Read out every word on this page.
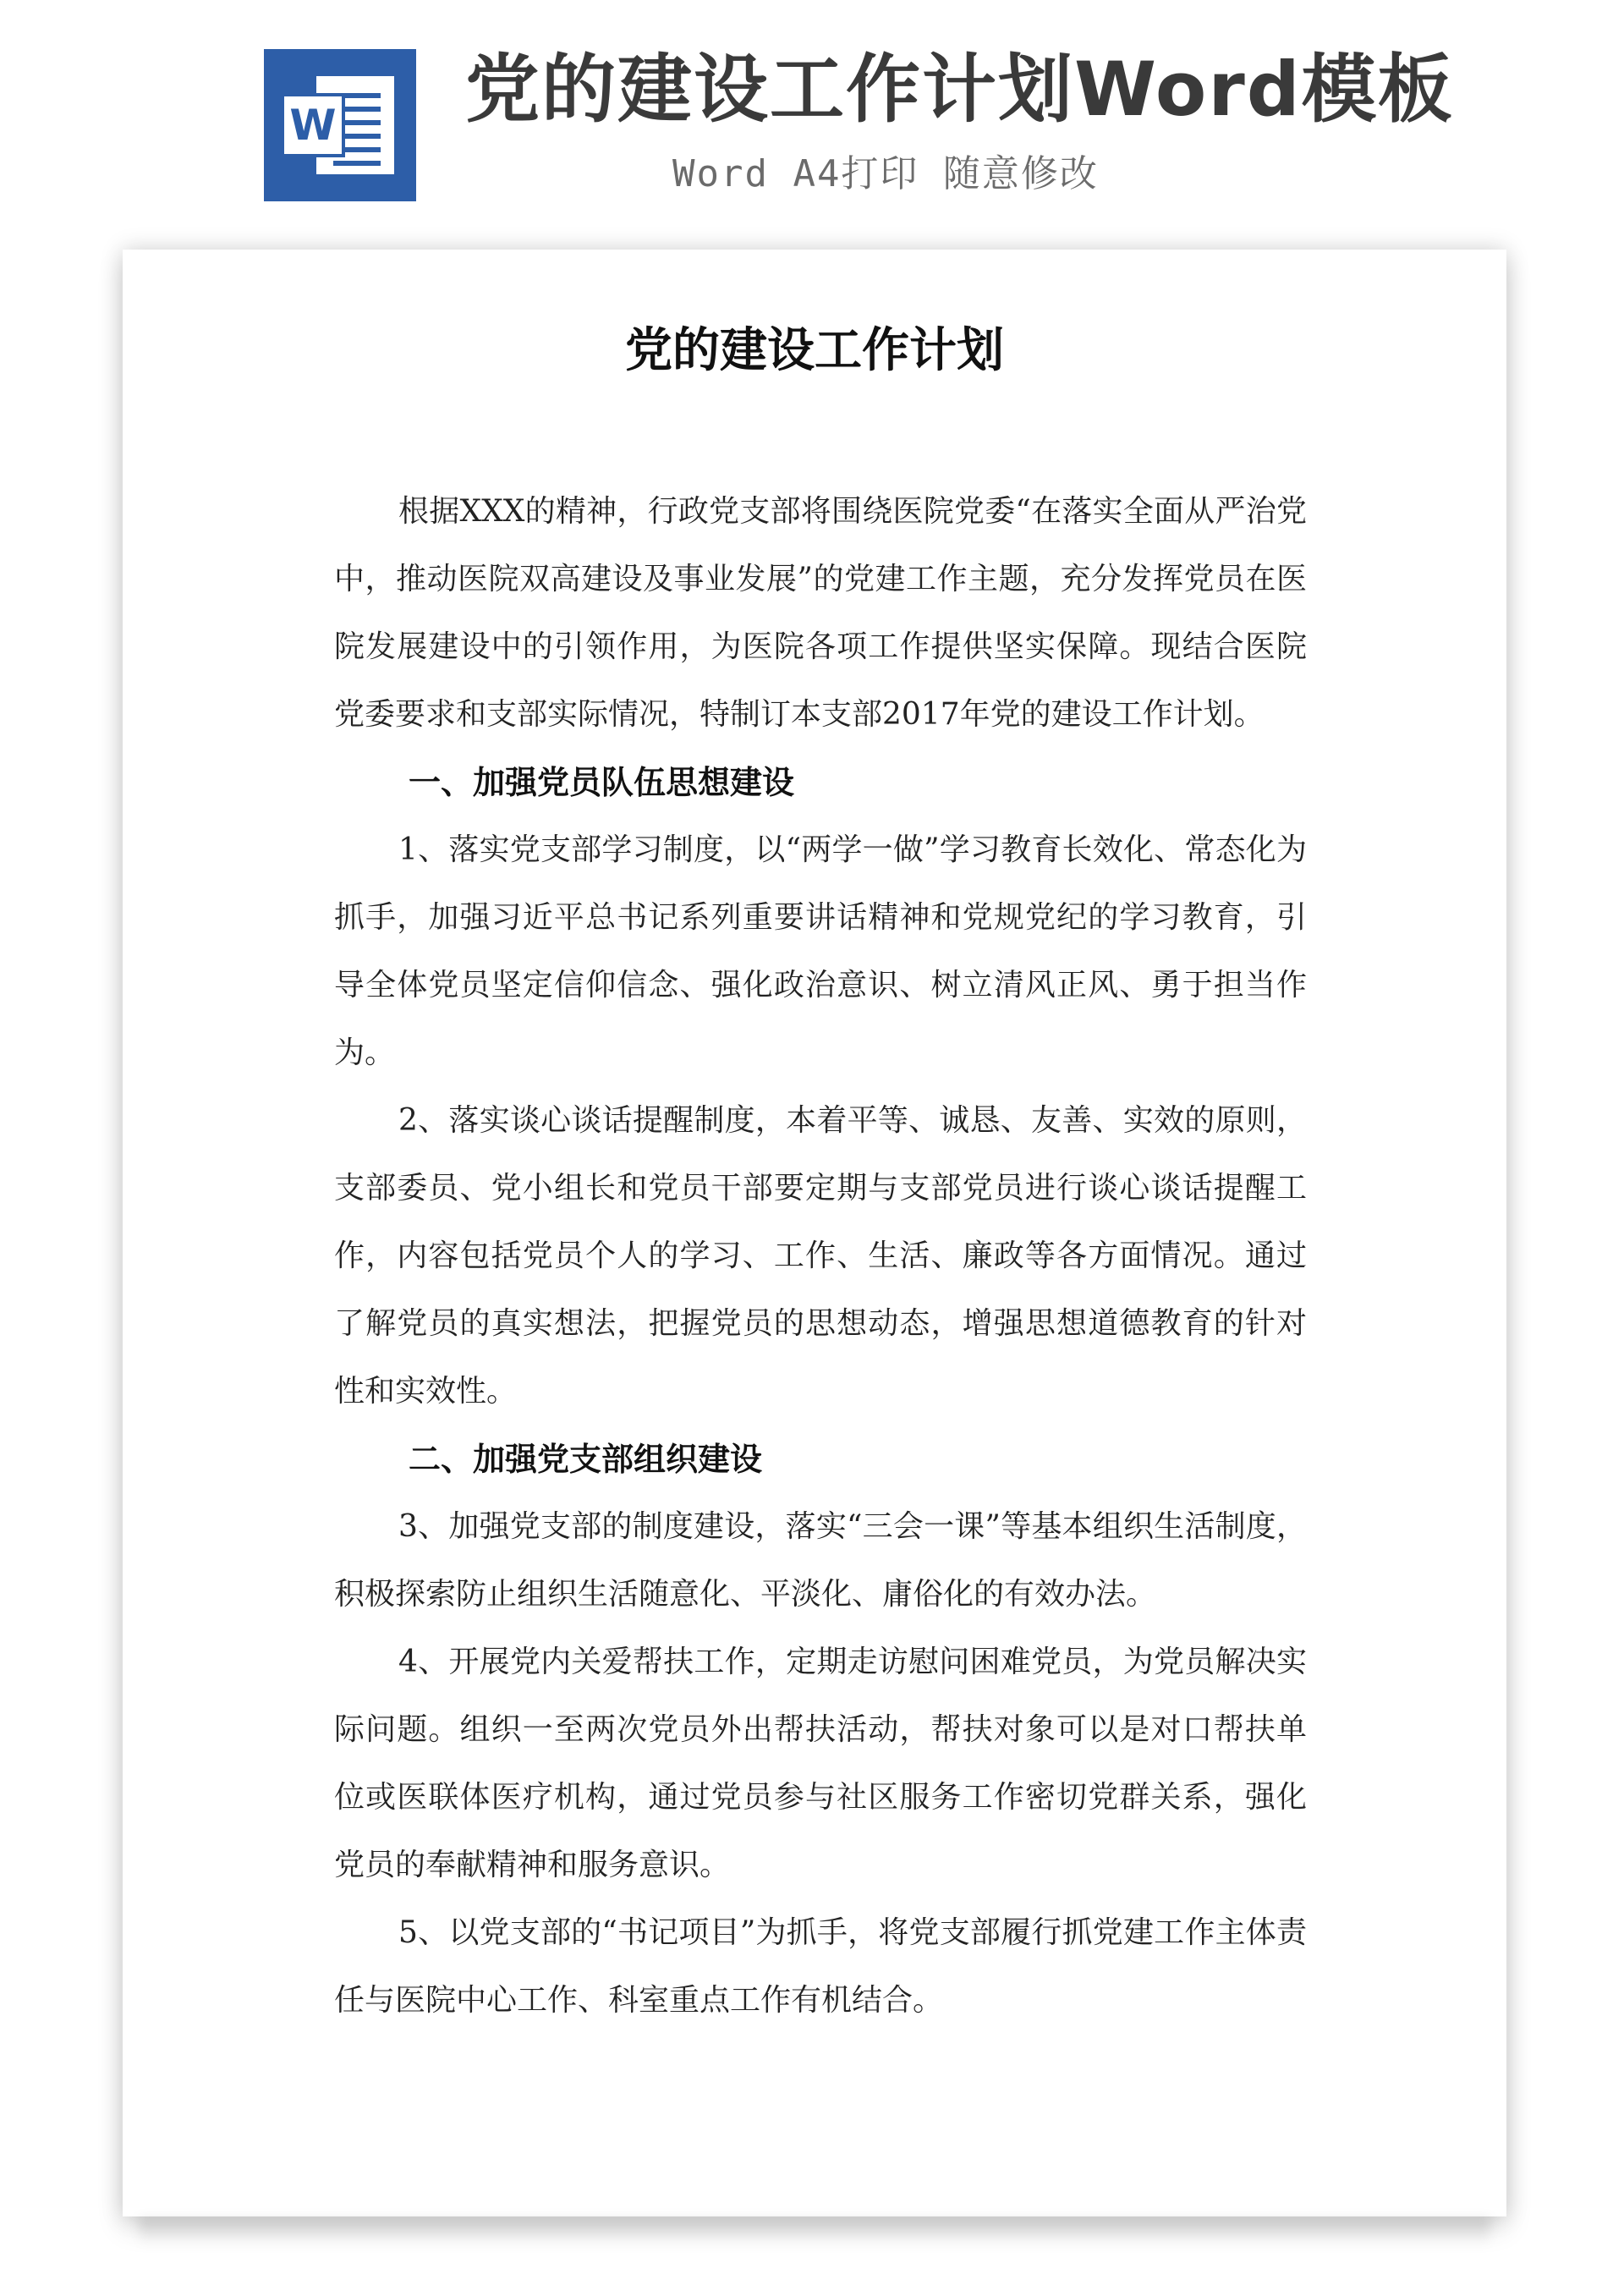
W 党的建设工作计划Word模板
Word A4打印 随意修改
党的建设工作计划

根据XXX的精神，行政党支部将围绕医院党委“在落实全面从严治党中，推动医院双高建设及事业发展”的党建工作主题，充分发挥党员在医院发展建设中的引领作用，为医院各项工作提供坚实保障。现结合医院党委要求和支部实际情况，特制订本支部2017年党的建设工作计划。

一、加强党员队伍思想建设

1、落实党支部学习制度，以“两学一做”学习教育长效化、常态化为抓手，加强习近平总书记系列重要讲话精神和党规党纪的学习教育，引导全体党员坚定信仰信念、强化政治意识、树立清风正风、勇于担当作为。

2、落实谈心谈话提醒制度，本着平等、诚恳、友善、实效的原则，支部委员、党小组长和党员干部要定期与支部党员进行谈心谈话提醒工作，内容包括党员个人的学习、工作、生活、廉政等各方面情况。通过了解党员的真实想法，把握党员的思想动态，增强思想道德教育的针对性和实效性。

二、加强党支部组织建设

3、加强党支部的制度建设，落实“三会一课”等基本组织生活制度，积极探索防止组织生活随意化、平淡化、庸俗化的有效办法。

4、开展党内关爱帮扶工作，定期走访慰问困难党员，为党员解决实际问题。组织一至两次党员外出帮扶活动，帮扶对象可以是对口帮扶单位或医联体医疗机构，通过党员参与社区服务工作密切党群关系，强化党员的奉献精神和服务意识。

5、以党支部的“书记项目”为抓手，将党支部履行抓党建工作主体责任与医院中心工作、科室重点工作有机结合。
